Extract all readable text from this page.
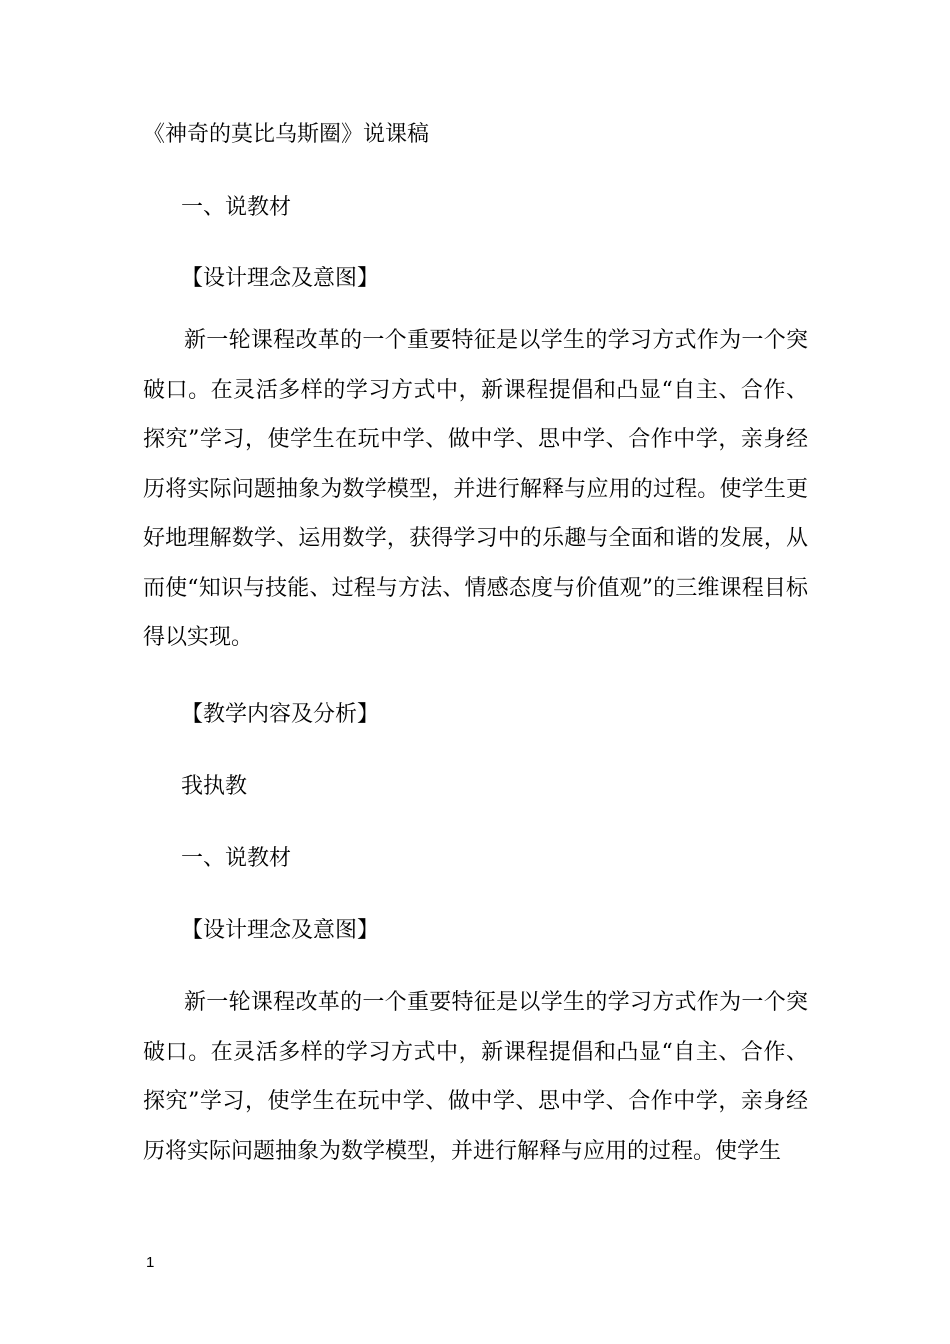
《神奇的莫比乌斯圈》说课稿
一、说教材
【设计理念及意图】

新一轮课程改革的一个重要特征是以学生的学习方式作为一个突破口。在灵活多样的学习方式中，新课程提倡和凸显“自主、合作、探究”学习，使学生在玩中学、做中学、思中学、合作中学，亲身经历将实际问题抽象为数学模型，并进行解释与应用的过程。使学生更好地理解数学、运用数学，获得学习中的乐趣与全面和谐的发展，从而使“知识与技能、过程与方法、情感态度与价值观”的三维课程目标得以实现。

【教学内容及分析】
我执教
一、说教材
【设计理念及意图】

新一轮课程改革的一个重要特征是以学生的学习方式作为一个突破口。在灵活多样的学习方式中，新课程提倡和凸显“自主、合作、探究”学习，使学生在玩中学、做中学、思中学、合作中学，亲身经历将实际问题抽象为数学模型，并进行解释与应用的过程。使学生

1
